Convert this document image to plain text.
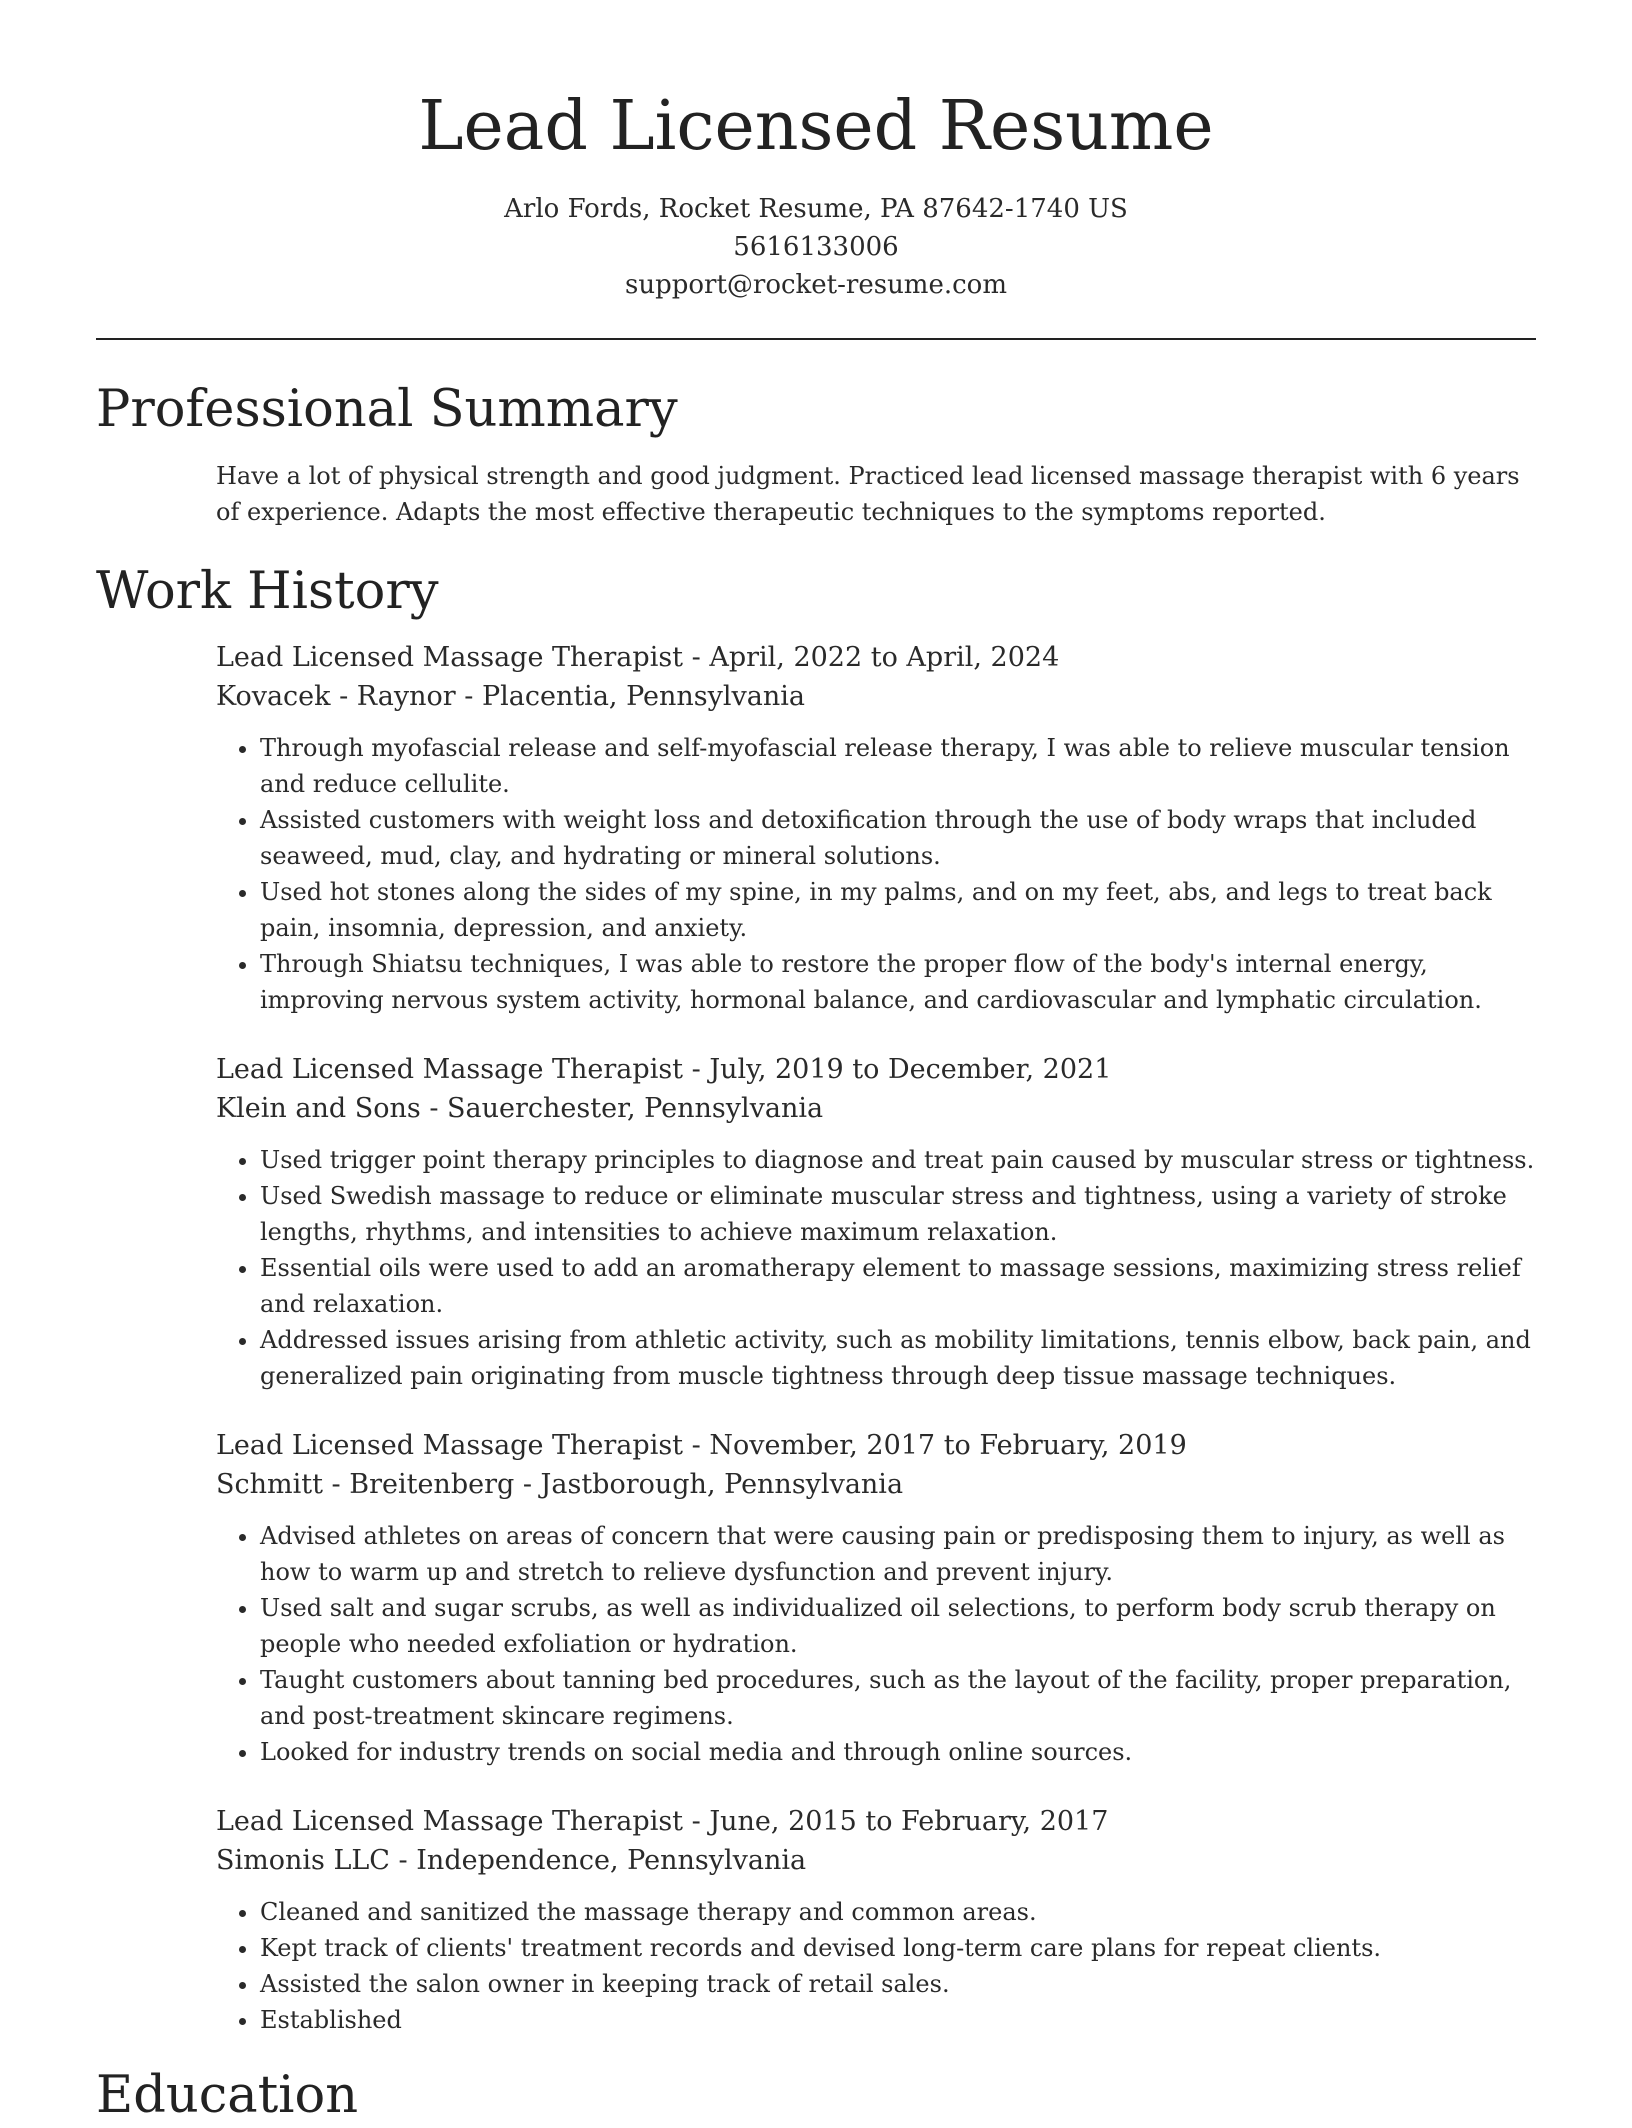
Lead Licensed Resume
Arlo Fords, Rocket Resume, PA 87642-1740 US
5616133006
support@rocket-resume.com
Professional Summary

Have a lot of physical strength and good judgment. Practiced lead licensed massage therapist with 6 years of experience. Adapts the most effective therapeutic techniques to the symptoms reported.

Work History
Lead Licensed Massage Therapist - April, 2022 to April, 2024
Kovacek - Raynor - Placentia, Pennsylvania
• Through myofascial release and self-myofascial release therapy, I was able to relieve muscular tension and reduce cellulite.
• Assisted customers with weight loss and detoxification through the use of body wraps that included seaweed, mud, clay, and hydrating or mineral solutions.
• Used hot stones along the sides of my spine, in my palms, and on my feet, abs, and legs to treat back pain, insomnia, depression, and anxiety.
• Through Shiatsu techniques, I was able to restore the proper flow of the body's internal energy, improving nervous system activity, hormonal balance, and cardiovascular and lymphatic circulation.
Lead Licensed Massage Therapist - July, 2019 to December, 2021
Klein and Sons - Sauerchester, Pennsylvania
• Used trigger point therapy principles to diagnose and treat pain caused by muscular stress or tightness.
• Used Swedish massage to reduce or eliminate muscular stress and tightness, using a variety of stroke lengths, rhythms, and intensities to achieve maximum relaxation.
• Essential oils were used to add an aromatherapy element to massage sessions, maximizing stress relief and relaxation.
• Addressed issues arising from athletic activity, such as mobility limitations, tennis elbow, back pain, and generalized pain originating from muscle tightness through deep tissue massage techniques.
Lead Licensed Massage Therapist - November, 2017 to February, 2019
Schmitt - Breitenberg - Jastborough, Pennsylvania
• Advised athletes on areas of concern that were causing pain or predisposing them to injury, as well as how to warm up and stretch to relieve dysfunction and prevent injury.
• Used salt and sugar scrubs, as well as individualized oil selections, to perform body scrub therapy on people who needed exfoliation or hydration.
• Taught customers about tanning bed procedures, such as the layout of the facility, proper preparation, and post-treatment skincare regimens.
• Looked for industry trends on social media and through online sources.
Lead Licensed Massage Therapist - June, 2015 to February, 2017
Simonis LLC - Independence, Pennsylvania
• Cleaned and sanitized the massage therapy and common areas.
• Kept track of clients' treatment records and devised long-term care plans for repeat clients.
• Assisted the salon owner in keeping track of retail sales.
• Established
Education
